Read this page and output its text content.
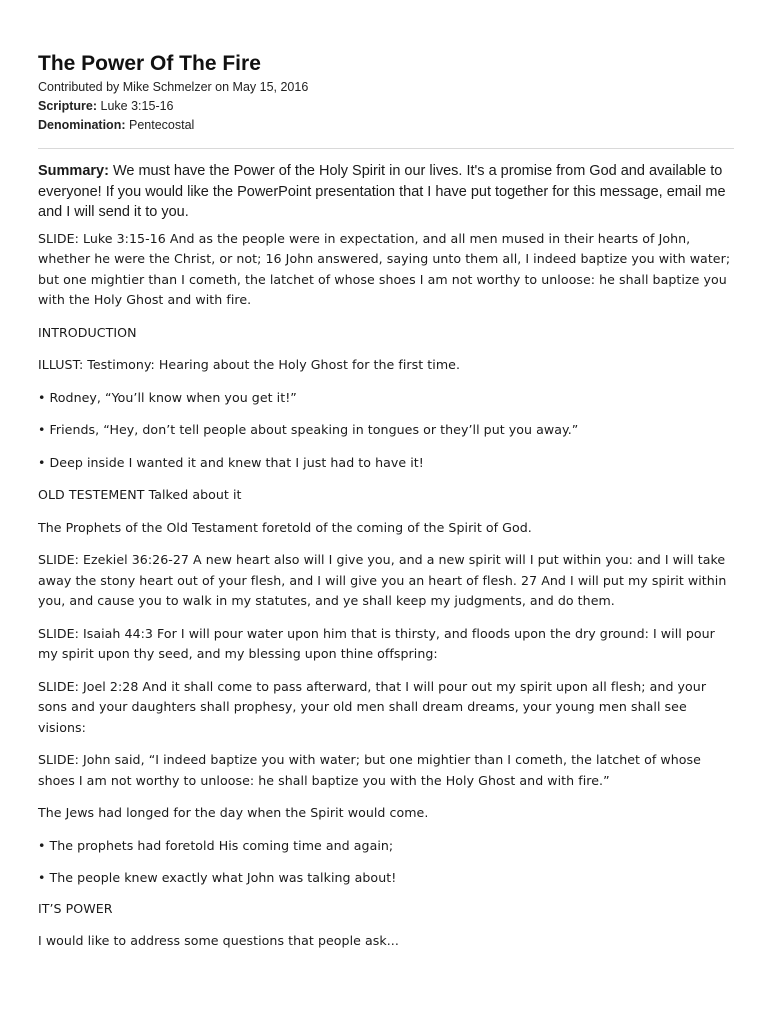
The Power Of The Fire
Contributed by Mike Schmelzer on May 15, 2016
Scripture: Luke 3:15-16
Denomination: Pentecostal

Summary: We must have the Power of the Holy Spirit in our lives. It's a promise from God and available to everyone! If you would like the PowerPoint presentation that I have put together for this message, email me and I will send it to you.

SLIDE: Luke 3:15-16 And as the people were in expectation, and all men mused in their hearts of John, whether he were the Christ, or not; 16 John answered, saying unto them all, I indeed baptize you with water; but one mightier than I cometh, the latchet of whose shoes I am not worthy to unloose: he shall baptize you with the Holy Ghost and with fire.

INTRODUCTION

ILLUST: Testimony: Hearing about the Holy Ghost for the first time.

• Rodney, “You’ll know when you get it!”

• Friends, “Hey, don’t tell people about speaking in tongues or they’ll put you away.”

• Deep inside I wanted it and knew that I just had to have it!

OLD TESTEMENT Talked about it

The Prophets of the Old Testament foretold of the coming of the Spirit of God.

SLIDE: Ezekiel 36:26-27 A new heart also will I give you, and a new spirit will I put within you: and I will take away the stony heart out of your flesh, and I will give you an heart of flesh. 27 And I will put my spirit within you, and cause you to walk in my statutes, and ye shall keep my judgments, and do them.

SLIDE: Isaiah 44:3 For I will pour water upon him that is thirsty, and floods upon the dry ground: I will pour my spirit upon thy seed, and my blessing upon thine offspring:

SLIDE: Joel 2:28 And it shall come to pass afterward, that I will pour out my spirit upon all flesh; and your sons and your daughters shall prophesy, your old men shall dream dreams, your young men shall see visions:

SLIDE: John said, “I indeed baptize you with water; but one mightier than I cometh, the latchet of whose shoes I am not worthy to unloose: he shall baptize you with the Holy Ghost and with fire.”

The Jews had longed for the day when the Spirit would come.

• The prophets had foretold His coming time and again;

• The people knew exactly what John was talking about!

IT’S POWER

I would like to address some questions that people ask...
